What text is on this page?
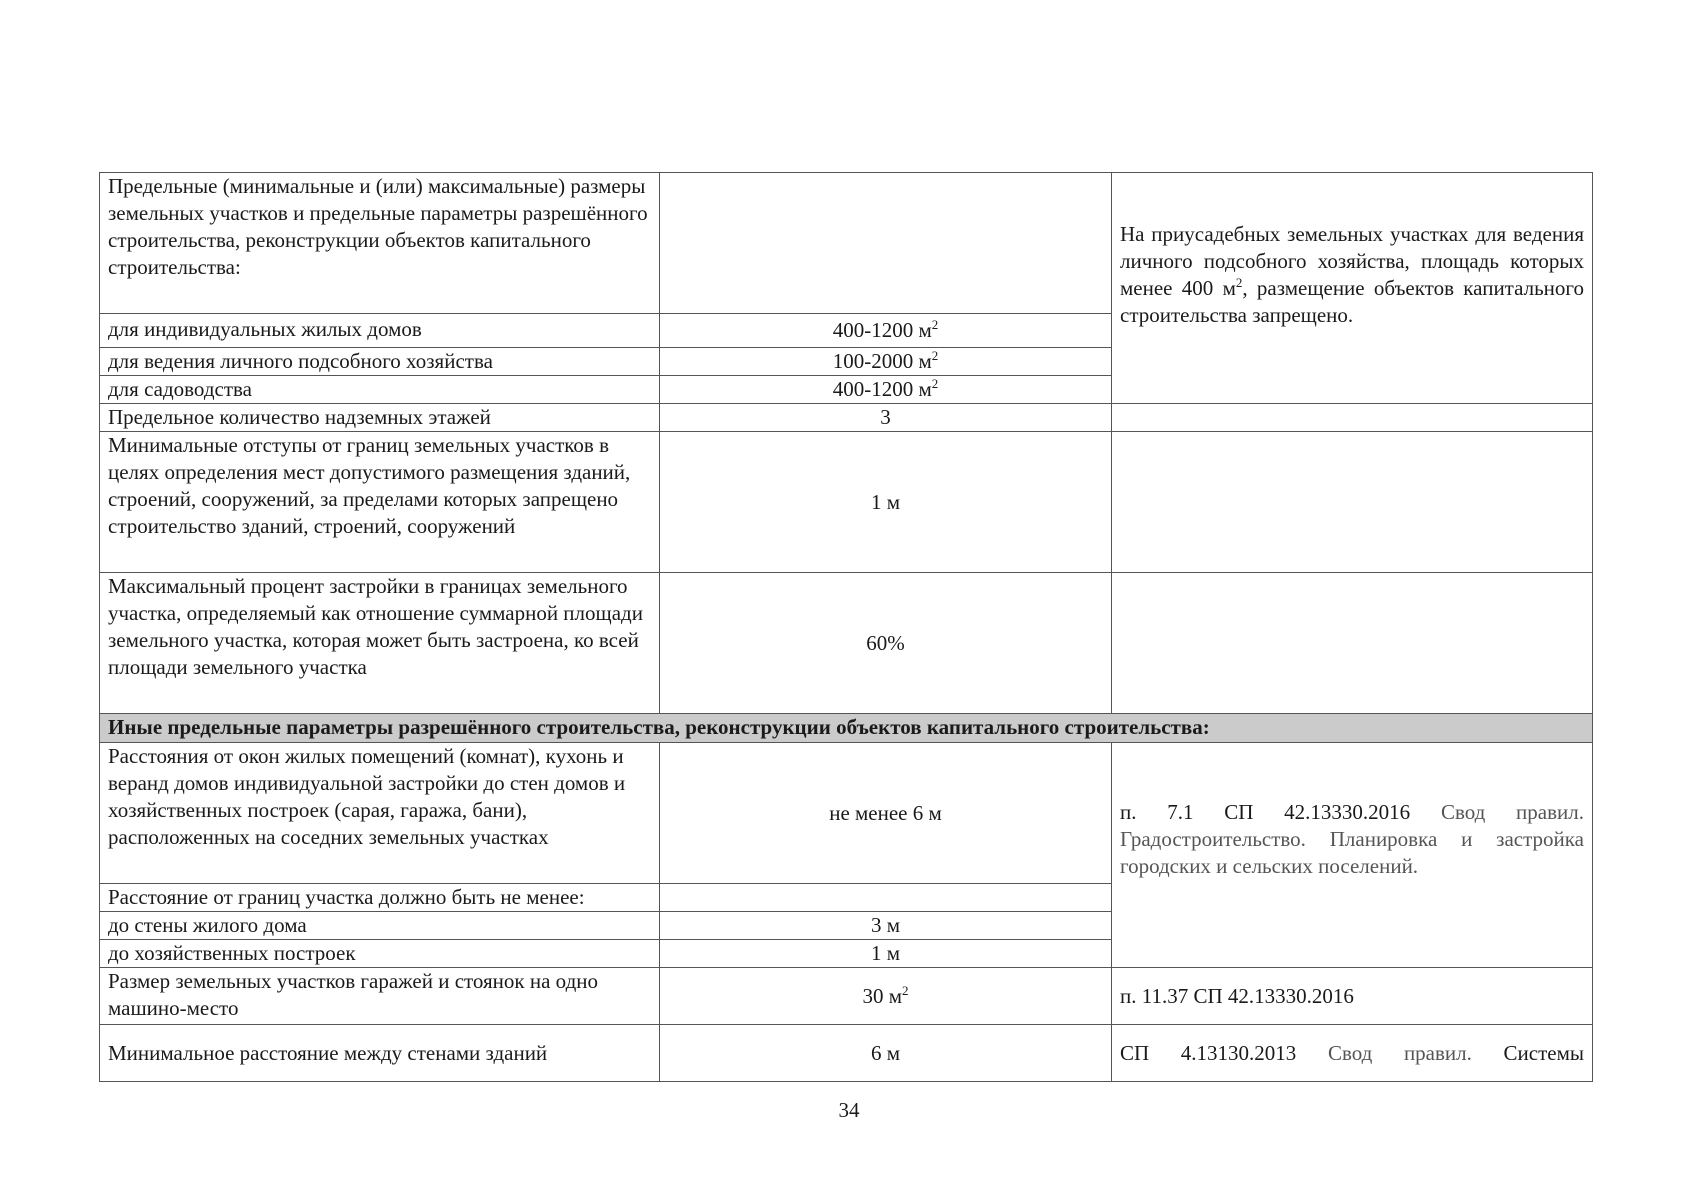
Предельные (минимальные и (или) максимальные) размеры земельных участков и предельные параметры разрешённого строительства, реконструкции объектов капитального строительства:		На приусадебных земельных участках для ведения личного подсобного хозяйства, площадь которых менее 400 $м^2$, размещение объектов капитального строительства запрещено.
для индивидуальных жилых домов	400-1200 $м^2$
для ведения личного подсобного хозяйства	100-2000 $м^2$
для садоводства	400-1200 $м^2$
Предельное количество надземных этажей	3	
Минимальные отступы от границ земельных участков в целях определения мест допустимого размещения зданий, строений, сооружений, за пределами которых запрещено строительство зданий, строений, сооружений	1 м	
Максимальный процент застройки в границах земельного участка, определяемый как отношение суммарной площади земельного участка, которая может быть застроена, ко всей площади земельного участка	60%	
Иные предельные параметры разрешённого строительства, реконструкции объектов капитального строительства:		
Расстояния от окон жилых помещений (комнат), кухонь и веранд домов индивидуальной застройки до стен домов и хозяйственных построек (сарая, гаража, бани), расположенных на соседних земельных участках	не менее 6 м	п. 7.1 СП 42.13330.2016 Свод правил. Градостроительство. Планировка и застройка городских и сельских поселений.
Расстояние от границ участка должно быть не менее:		
до стены жилого дома	3 м	
до хозяйственных построек	1 м	
Размер земельных участков гаражей и стоянок на одно машино-место	30 $м^2$	п. 11.37 СП 42.13330.2016
Минимальное расстояние между стенами зданий	6 м	СП 4.13130.2013 Свод правил. Системы
34
